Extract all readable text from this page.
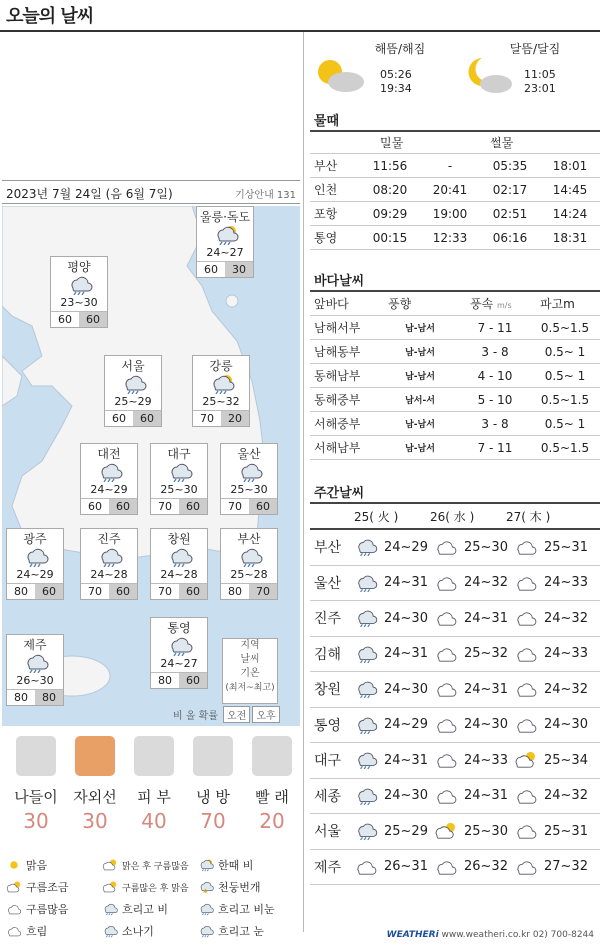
오늘의 날씨
2023년 7월 24일 (음 6월 7일)	기상안내 131
울릉·독도
24~27
60	30
평양
23~30
60	60
서울
25~29
60	60
강릉
25~32
70	20
대전
24~29
60	60
대구
25~30
70	60
울산
25~30
70	60
광주
24~29
80	60
진주
24~28
70	60
창원
24~28
70	60
부산
25~28
80	70
통영
24~27
80	60
제주
26~30
80	80
지역
날씨
기온
(최저~최고)
비 올 확률 오전 오후
나들이
30
자외선
30
피 부
40
냉 방
70
빨 래
20
맑음	맑은 후 구름많음	한때 비
구름조금	구름많은 후 맑음	천둥번개
구름많음	흐리고 비	흐리고 비눈
흐림	소나기	흐리고 눈
해뜸/해짐
05:26
19:34
달뜸/달짐
11:05
23:01
물때
밀물	썰물
부산	11:56	-	05:35	18:01
인천	08:20	20:41	02:17	14:45
포항	09:29	19:00	02:51	14:24
통영	00:15	12:33	06:16	18:31
바다날씨
앞바다	풍향	풍속 m/s	파고m
남해서부	남-남서	7 - 11	0.5~1.5
남해동부	남-남서	3 - 8	0.5~ 1
동해남부	남-남서	4 - 10	0.5~ 1
동해중부	남서-서	5 - 10	0.5~1.5
서해중부	남-남서	3 - 8	0.5~ 1
서해남부	남-남서	7 - 11	0.5~1.5
주간날씨
25( 火 )	26( 水 )	27( 木 )
부산	24~29	25~30	25~31
울산	24~31	24~32	24~33
진주	24~30	24~31	24~32
김해	24~31	25~32	24~33
창원	24~30	24~31	24~32
통영	24~29	24~30	24~30
대구	24~31	24~33	25~34
세종	24~30	24~31	24~32
서울	25~29	25~30	25~31
제주	26~31	26~32	27~32
WEATHERi www.weatheri.co.kr 02) 700-8244
